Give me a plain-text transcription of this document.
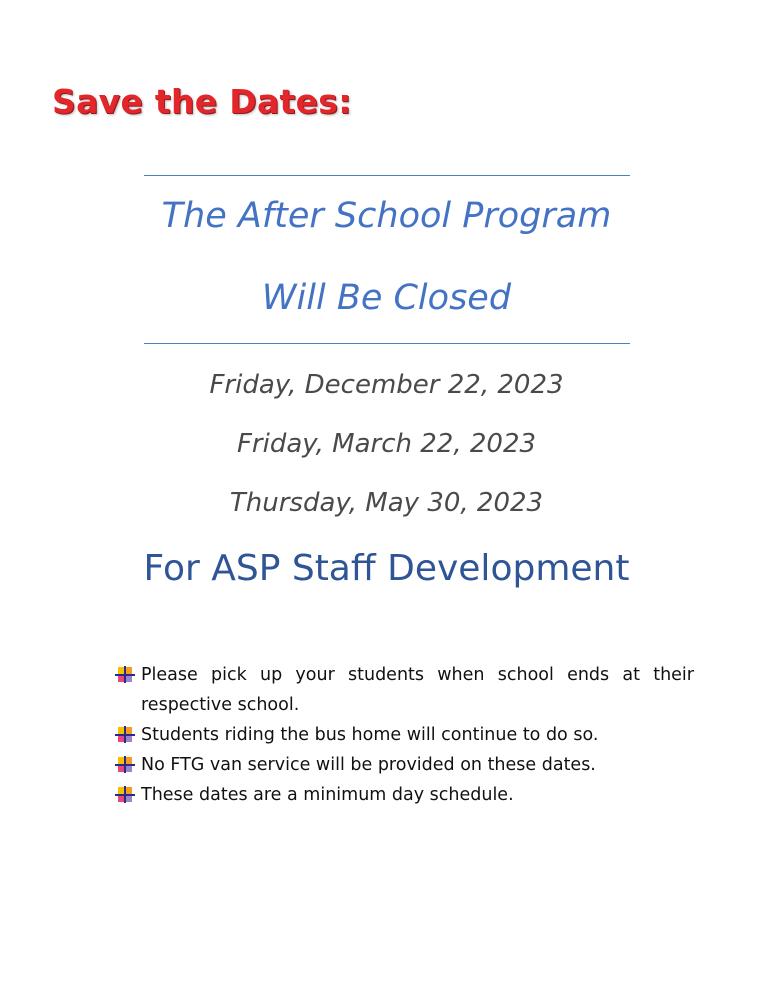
Save the Dates:
The After School Program
Will Be Closed
Friday, December 22, 2023
Friday, March 22, 2023
Thursday, May 30, 2023
For ASP Staff Development
Please pick up your students when school ends at their respective school.
Students riding the bus home will continue to do so.
No FTG van service will be provided on these dates.
These dates are a minimum day schedule.
